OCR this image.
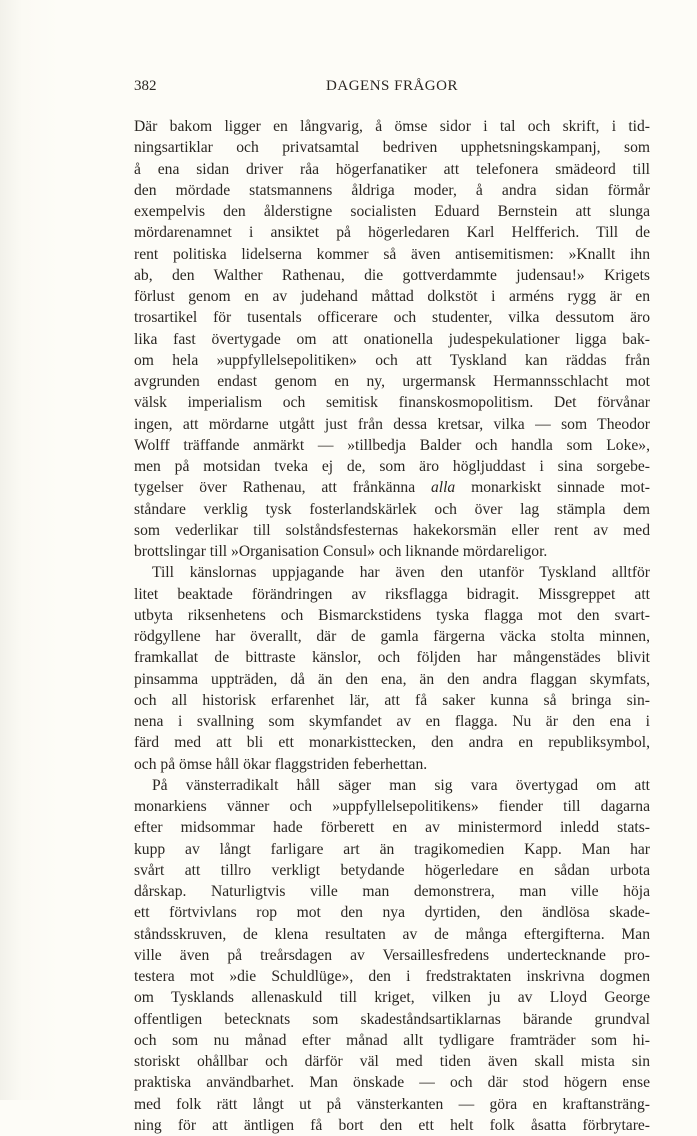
382	DAGENS FRÅGOR
Där bakom ligger en långvarig, å ömse sidor i tal och skrift, i tid-
ningsartiklar och privatsamtal bedriven upphetsningskampanj, som
å ena sidan driver råa högerfanatiker att telefonera smädeord till
den mördade statsmannens åldriga moder, å andra sidan förmår
exempelvis den ålderstigne socialisten Eduard Bernstein att slunga
mördarenamnet i ansiktet på högerledaren Karl Helfferich. Till de
rent politiska lidelserna kommer så även antisemitismen: »Knallt ihn
ab, den Walther Rathenau, die gottverdammte judensau!» Krigets
förlust genom en av judehand måttad dolkstöt i arméns rygg är en
trosartikel för tusentals officerare och studenter, vilka dessutom äro
lika fast övertygade om att onationella judespekulationer ligga bak-
om hela »uppfyllelsepolitiken» och att Tyskland kan räddas från
avgrunden endast genom en ny, urgermansk Hermannsschlacht mot
välsk imperialism och semitisk finanskosmopolitism. Det förvånar
ingen, att mördarne utgått just från dessa kretsar, vilka — som Theodor
Wolff träffande anmärkt — »tillbedja Balder och handla som Loke»,
men på motsidan tveka ej de, som äro högljuddast i sina sorgebe-
tygelser över Rathenau, att frånkänna alla monarkiskt sinnade mot-
ståndare verklig tysk fosterlandskärlek och över lag stämpla dem
som vederlikar till solståndsfesternas hakekorsmän eller rent av med
brottslingar till »Organisation Consul» och liknande mördareligor.
Till känslornas uppjagande har även den utanför Tyskland alltför
litet beaktade förändringen av riksflagga bidragit. Missgreppet att
utbyta riksenhetens och Bismarckstidens tyska flagga mot den svart-
rödgyllene har överallt, där de gamla färgerna väcka stolta minnen,
framkallat de bittraste känslor, och följden har mångenstädes blivit
pinsamma uppträden, då än den ena, än den andra flaggan skymfats,
och all historisk erfarenhet lär, att få saker kunna så bringa sin-
nena i svallning som skymfandet av en flagga. Nu är den ena i
färd med att bli ett monarkisttecken, den andra en republiksymbol,
och på ömse håll ökar flaggstriden feberhettan.
På vänsterradikalt håll säger man sig vara övertygad om att
monarkiens vänner och »uppfyllelsepolitikens» fiender till dagarna
efter midsommar hade förberett en av ministermord inledd stats-
kupp av långt farligare art än tragikomedien Kapp. Man har
svårt att tillro verkligt betydande högerledare en sådan urbota
dårskap. Naturligtvis ville man demonstrera, man ville höja
ett förtvivlans rop mot den nya dyrtiden, den ändlösa skade-
ståndsskruven, de klena resultaten av de många eftergifterna. Man
ville även på treårsdagen av Versaillesfredens undertecknande pro-
testera mot »die Schuldlüge», den i fredstraktaten inskrivna dogmen
om Tysklands allenaskuld till kriget, vilken ju av Lloyd George
offentligen betecknats som skadeståndsartiklarnas bärande grundval
och som nu månad efter månad allt tydligare framträder som hi-
storiskt ohållbar och därför väl med tiden även skall mista sin
praktiska användbarhet. Man önskade — och där stod högern ense
med folk rätt långt ut på vänsterkanten — göra en kraftansträng-
ning för att äntligen få bort den ett helt folk åsatta förbrytare-
